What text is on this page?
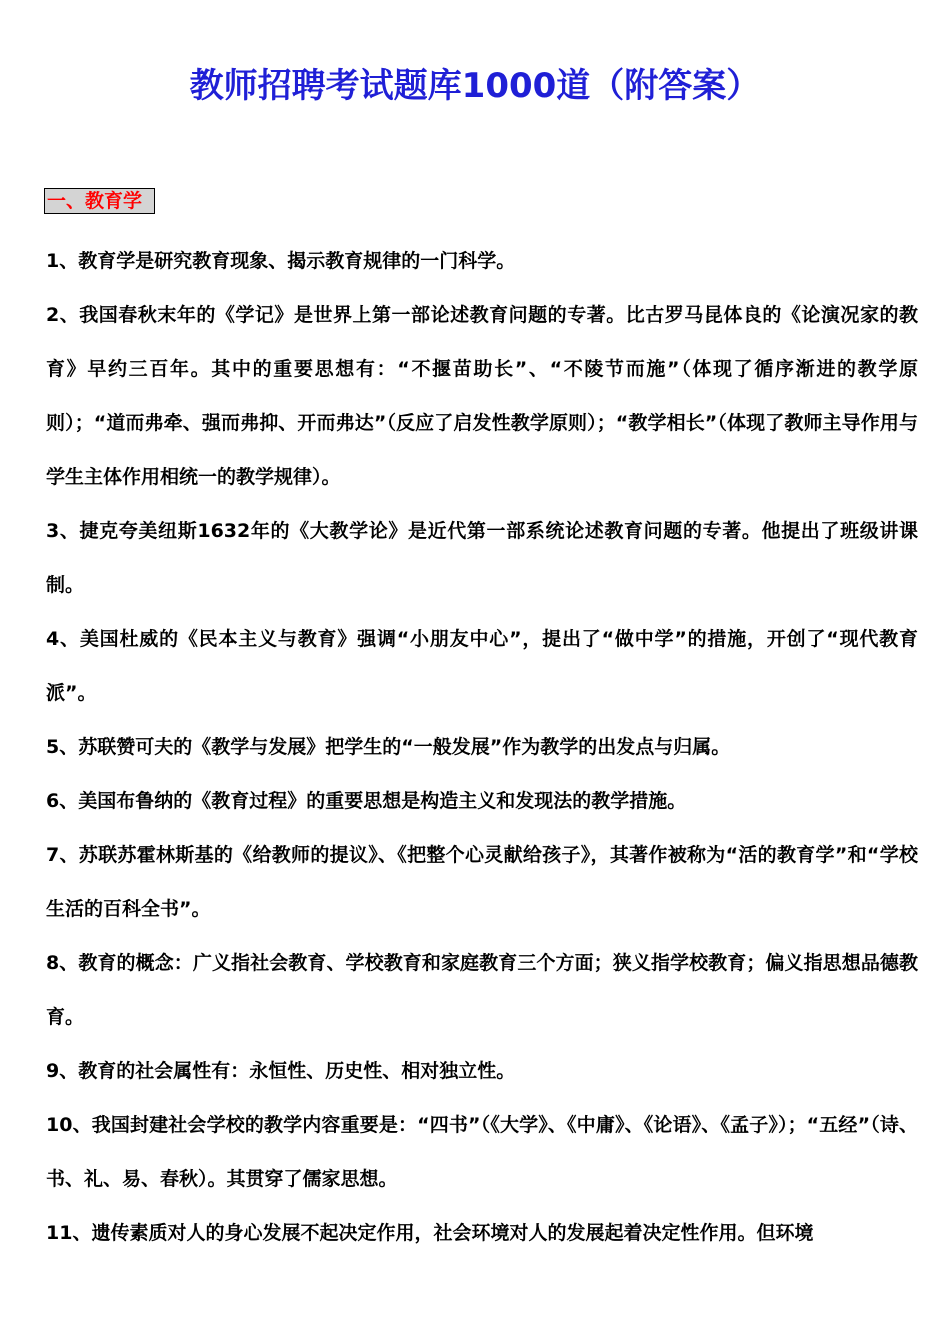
教师招聘考试题库1000道（附答案）
一、教育学

1、教育学是研究教育现象、揭示教育规律的一门科学。

2、我国春秋末年的《学记》是世界上第一部论述教育问题的专著。比古罗马昆体良的《论演况家的教育》早约三百年。其中的重要思想有：“不揠苗助长”、“不陵节而施”（体现了循序渐进的教学原则）；“道而弗牵、强而弗抑、开而弗达”（反应了启发性教学原则）；“教学相长”（体现了教师主导作用与学生主体作用相统一的教学规律）。

3、捷克夸美纽斯1632年的《大教学论》是近代第一部系统论述教育问题的专著。他提出了班级讲课制。

4、美国杜威的《民本主义与教育》强调“小朋友中心”，提出了“做中学”的措施，开创了“现代教育派”。

5、苏联赞可夫的《教学与发展》把学生的“一般发展”作为教学的出发点与归属。

6、美国布鲁纳的《教育过程》的重要思想是构造主义和发现法的教学措施。

7、苏联苏霍林斯基的《给教师的提议》、《把整个心灵献给孩子》，其著作被称为“活的教育学”和“学校生活的百科全书”。

8、教育的概念：广义指社会教育、学校教育和家庭教育三个方面；狭义指学校教育；偏义指思想品德教育。

9、教育的社会属性有：永恒性、历史性、相对独立性。

10、我国封建社会学校的教学内容重要是：“四书”（《大学》、《中庸》、《论语》、《孟子》）；“五经”（诗、书、礼、易、春秋）。其贯穿了儒家思想。

11、遗传素质对人的身心发展不起决定作用，社会环境对人的发展起着决定性作用。但环境
